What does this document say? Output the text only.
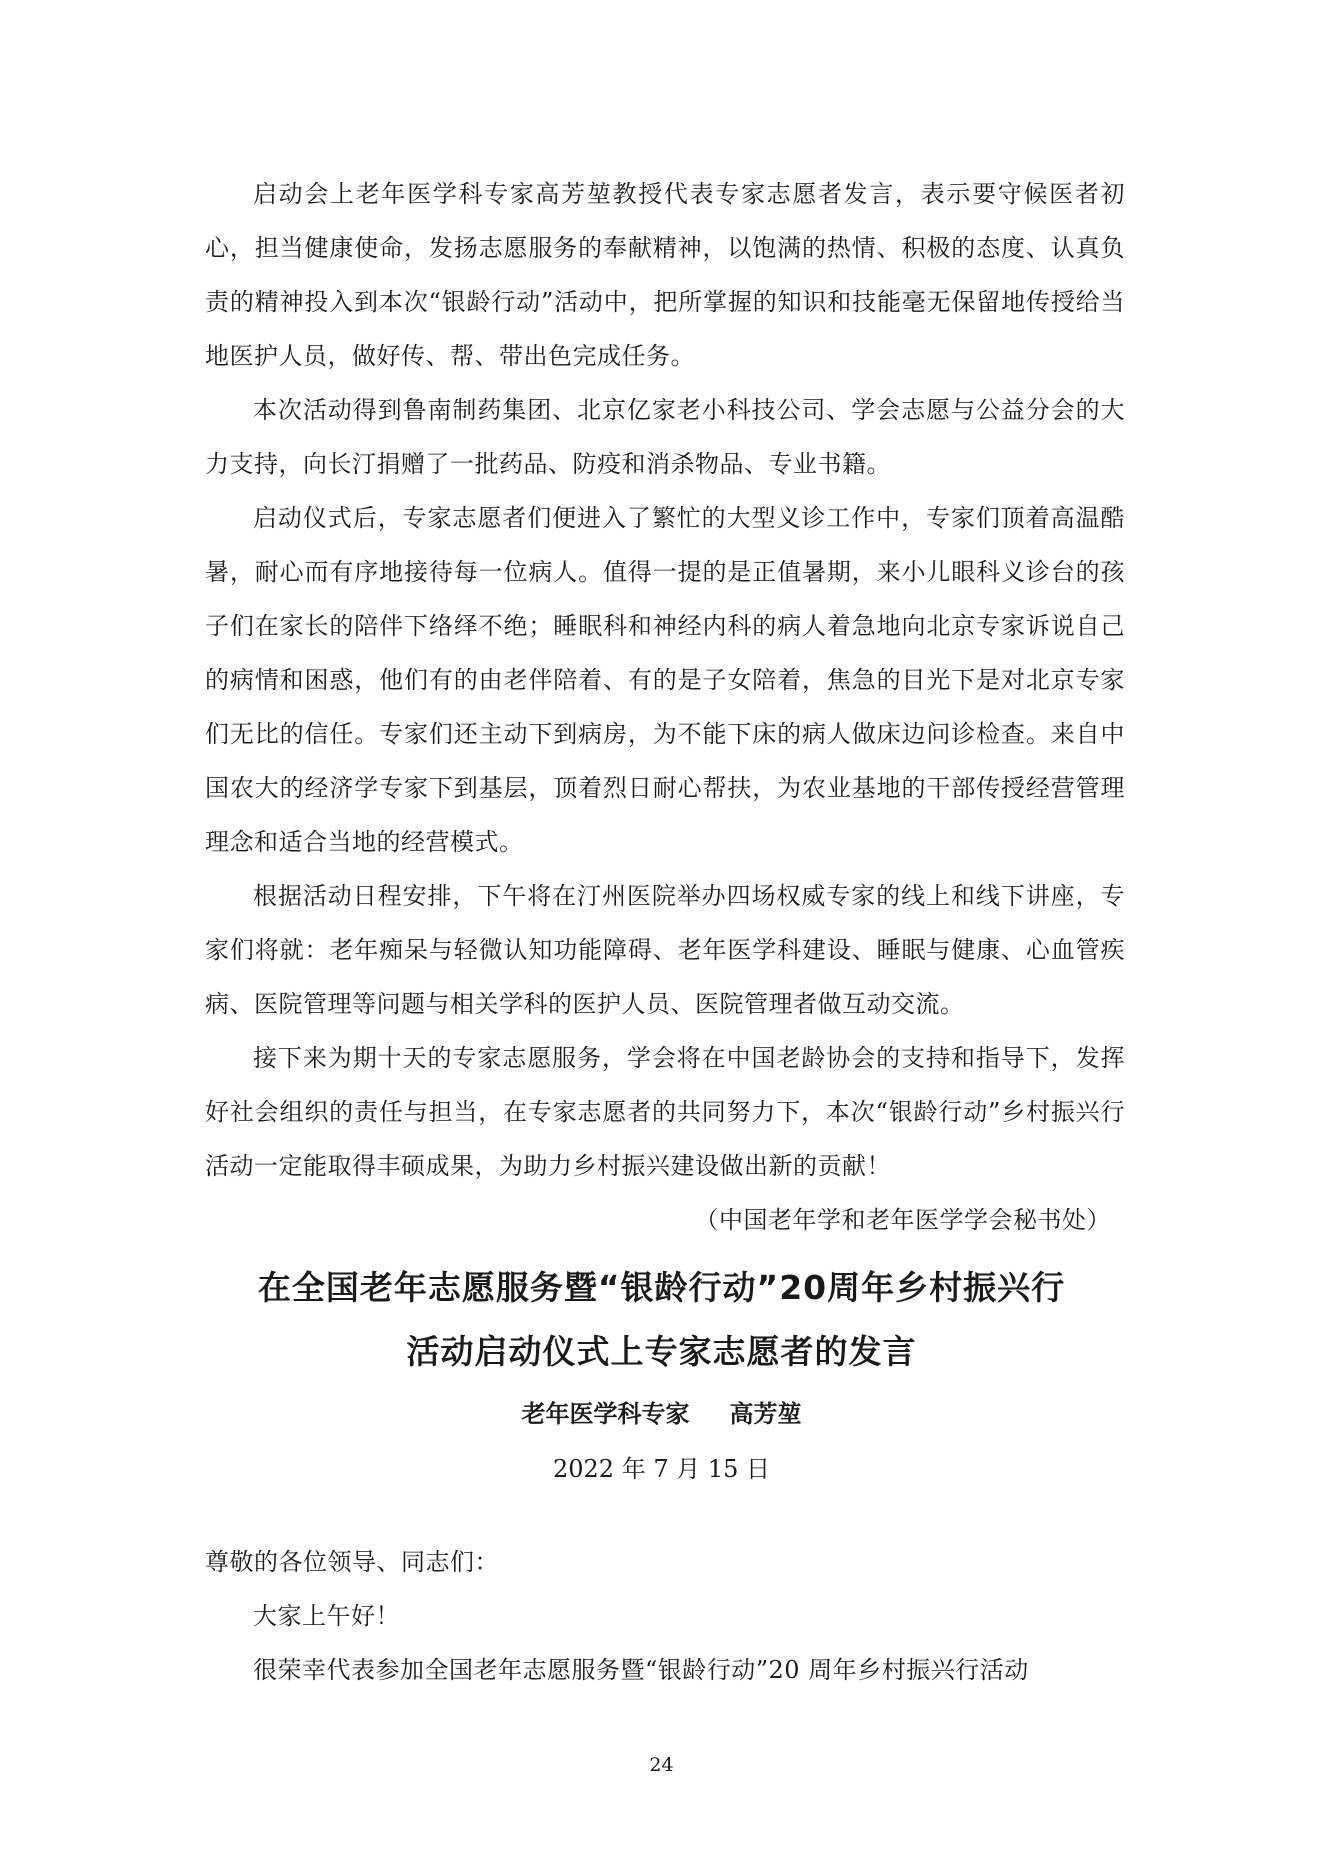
启动会上老年医学科专家高芳堃教授代表专家志愿者发言，表示要守候医者初心，担当健康使命，发扬志愿服务的奉献精神，以饱满的热情、积极的态度、认真负责的精神投入到本次“银龄行动”活动中，把所掌握的知识和技能毫无保留地传授给当地医护人员，做好传、帮、带出色完成任务。

本次活动得到鲁南制药集团、北京亿家老小科技公司、学会志愿与公益分会的大力支持，向长汀捐赠了一批药品、防疫和消杀物品、专业书籍。

启动仪式后，专家志愿者们便进入了繁忙的大型义诊工作中，专家们顶着高温酷暑，耐心而有序地接待每一位病人。值得一提的是正值暑期，来小儿眼科义诊台的孩子们在家长的陪伴下络绎不绝；睡眠科和神经内科的病人着急地向北京专家诉说自己的病情和困惑，他们有的由老伴陪着、有的是子女陪着，焦急的目光下是对北京专家们无比的信任。专家们还主动下到病房，为不能下床的病人做床边问诊检查。来自中国农大的经济学专家下到基层，顶着烈日耐心帮扶，为农业基地的干部传授经营管理理念和适合当地的经营模式。

根据活动日程安排，下午将在汀州医院举办四场权威专家的线上和线下讲座，专家们将就：老年痴呆与轻微认知功能障碍、老年医学科建设、睡眠与健康、心血管疾病、医院管理等问题与相关学科的医护人员、医院管理者做互动交流。

接下来为期十天的专家志愿服务，学会将在中国老龄协会的支持和指导下，发挥好社会组织的责任与担当，在专家志愿者的共同努力下，本次“银龄行动”乡村振兴行活动一定能取得丰硕成果，为助力乡村振兴建设做出新的贡献！

（中国老年学和老年医学学会秘书处）

在全国老年志愿服务暨“银龄行动”20周年乡村振兴行

活动启动仪式上专家志愿者的发言

老年医学科专家 高芳堃
2022 年 7 月 15 日

尊敬的各位领导、同志们：

大家上午好！

很荣幸代表参加全国老年志愿服务暨“银龄行动”20 周年乡村振兴行活动

24
